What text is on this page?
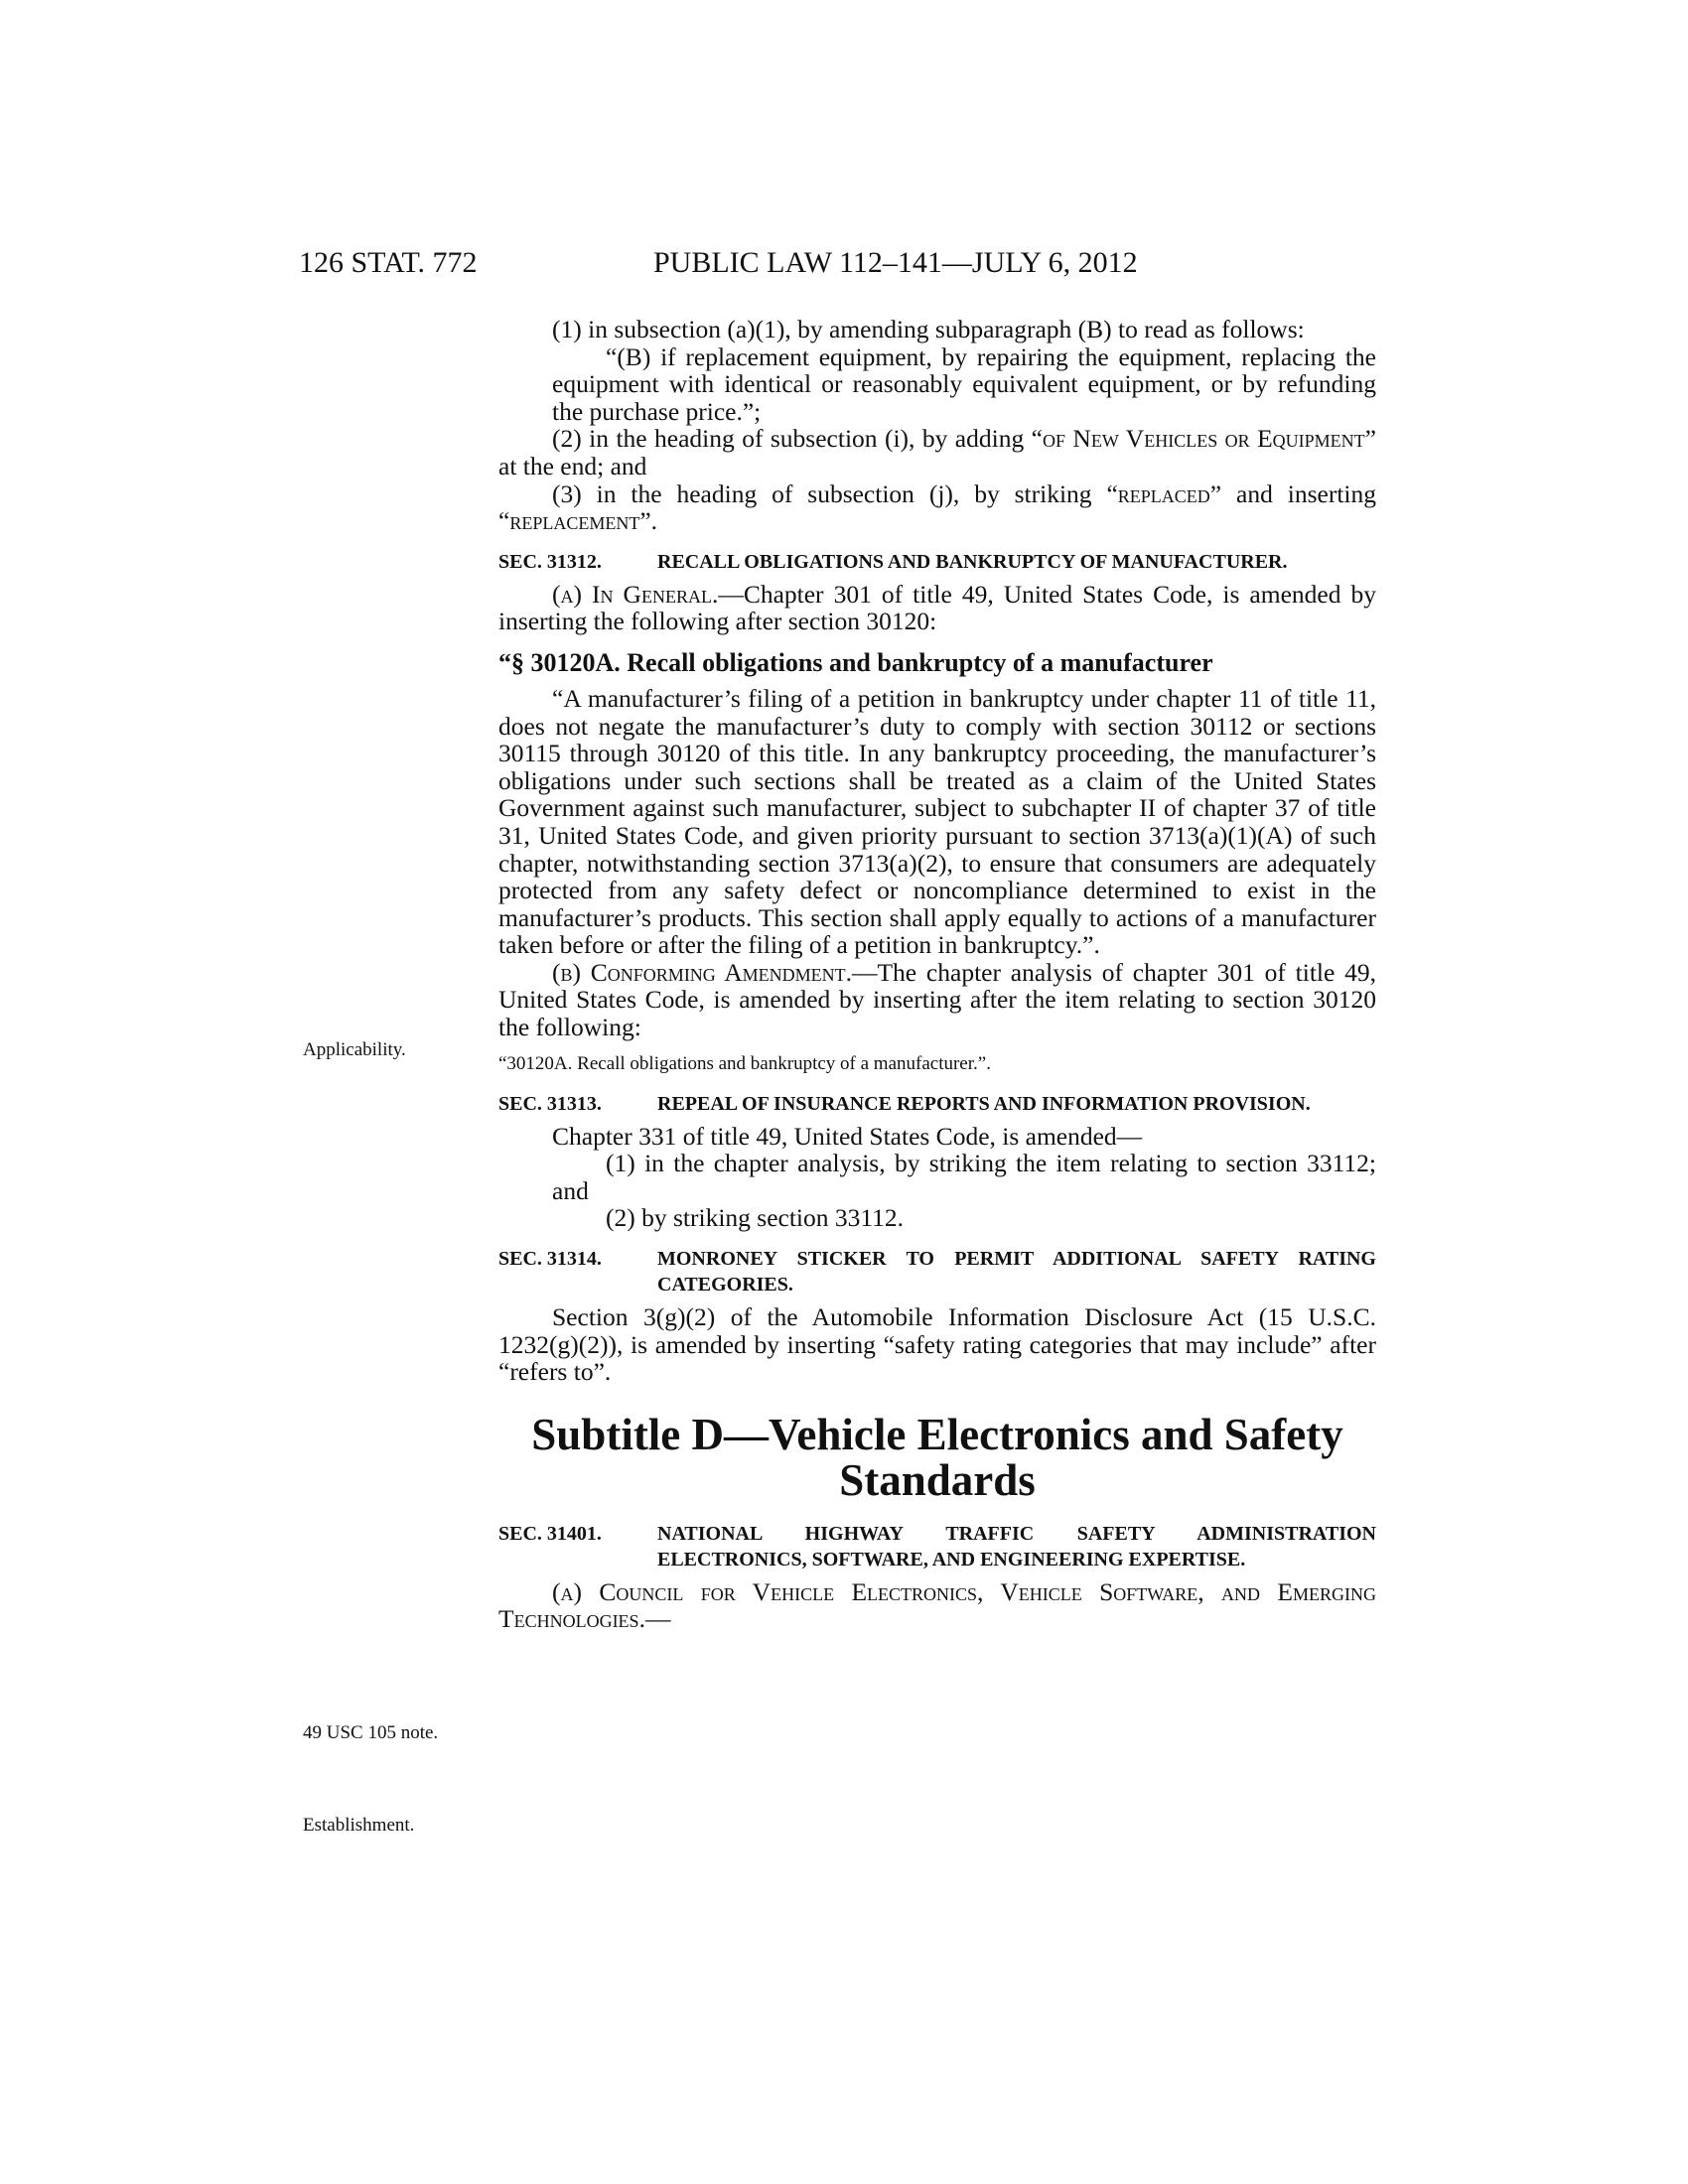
126 STAT. 772	PUBLIC LAW 112–141—JULY 6, 2012
Applicability.
49 USC 105 note.
Establishment.

(1) in subsection (a)(1), by amending subparagraph (B) to read as follows:

“(B) if replacement equipment, by repairing the equipment, replacing the equipment with identical or reasonably equivalent equipment, or by refunding the purchase price.”;

(2) in the heading of subsection (i), by adding “of New Vehicles or Equipment” at the end; and

(3) in the heading of subsection (j), by striking “replaced” and inserting “replacement”.

SEC. 31312.	RECALL OBLIGATIONS AND BANKRUPTCY OF MANUFACTURER.

(a) In General.—Chapter 301 of title 49, United States Code, is amended by inserting the following after section 30120:

“§ 30120A. Recall obligations and bankruptcy of a manufacturer

“A manufacturer’s filing of a petition in bankruptcy under chapter 11 of title 11, does not negate the manufacturer’s duty to comply with section 30112 or sections 30115 through 30120 of this title. In any bankruptcy proceeding, the manufacturer’s obligations under such sections shall be treated as a claim of the United States Government against such manufacturer, subject to subchapter II of chapter 37 of title 31, United States Code, and given priority pursuant to section 3713(a)(1)(A) of such chapter, notwithstanding section 3713(a)(2), to ensure that consumers are adequately protected from any safety defect or noncompliance determined to exist in the manufacturer’s products. This section shall apply equally to actions of a manufacturer taken before or after the filing of a petition in bankruptcy.”.

(b) Conforming Amendment.—The chapter analysis of chapter 301 of title 49, United States Code, is amended by inserting after the item relating to section 30120 the following:

“30120A. Recall obligations and bankruptcy of a manufacturer.”.

SEC. 31313.	REPEAL OF INSURANCE REPORTS AND INFORMATION PROVISION.

Chapter 331 of title 49, United States Code, is amended—

(1) in the chapter analysis, by striking the item relating to section 33112; and

(2) by striking section 33112.

SEC. 31314.	MONRONEY STICKER TO PERMIT ADDITIONAL SAFETY RATING CATEGORIES.

Section 3(g)(2) of the Automobile Information Disclosure Act (15 U.S.C. 1232(g)(2)), is amended by inserting “safety rating categories that may include” after “refers to”.

Subtitle D—Vehicle Electronics and Safety Standards
SEC. 31401.	NATIONAL HIGHWAY TRAFFIC SAFETY ADMINISTRATION ELECTRONICS, SOFTWARE, AND ENGINEERING EXPERTISE.

(a) Council for Vehicle Electronics, Vehicle Software, and Emerging Technologies.—
